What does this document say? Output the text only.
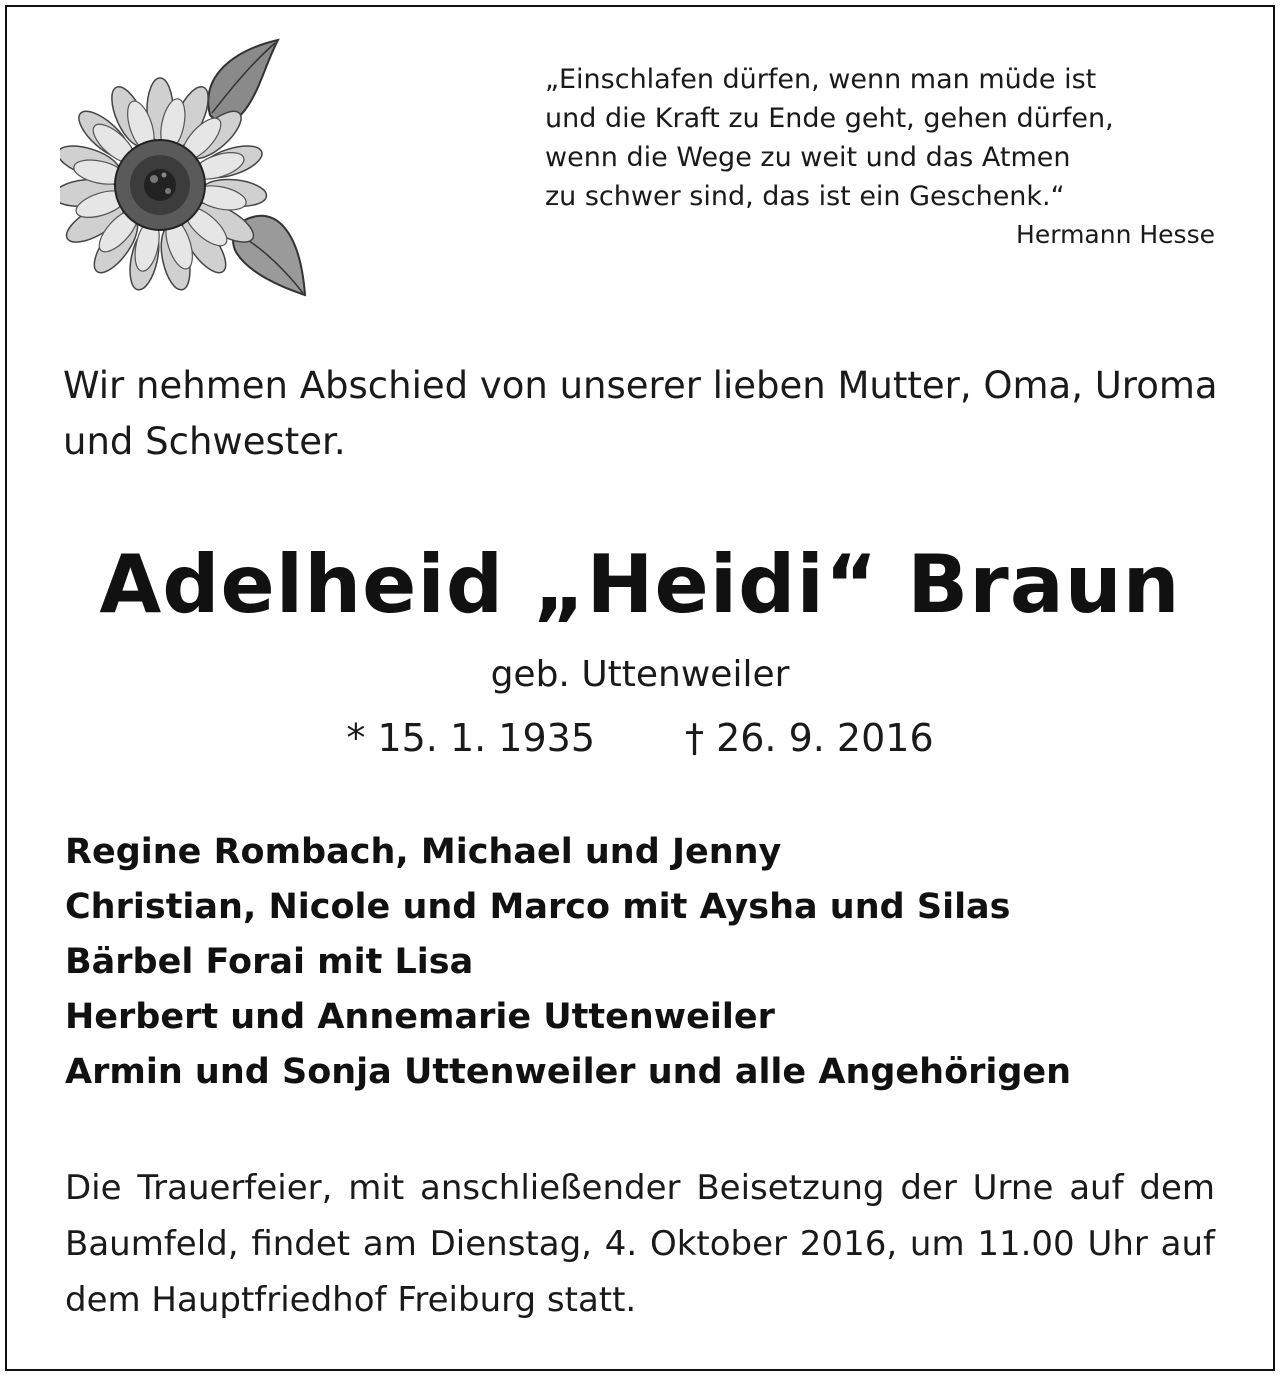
„Einschlafen dürfen, wenn man müde ist
und die Kraft zu Ende geht, gehen dürfen,
wenn die Wege zu weit und das Atmen
zu schwer sind, das ist ein Geschenk.“
Hermann Hesse
Wir nehmen Abschied von unserer lieben Mutter, Oma, Uroma
und Schwester.
Adelheid „Heidi“ Braun
geb. Uttenweiler
* 15. 1. 1935 † 26. 9. 2016
Regine Rombach, Michael und Jenny
Christian, Nicole und Marco mit Aysha und Silas
Bärbel Forai mit Lisa
Herbert und Annemarie Uttenweiler
Armin und Sonja Uttenweiler und alle Angehörigen
Die Trauerfeier, mit anschließender Beisetzung der Urne auf dem
Baumfeld, findet am Dienstag, 4. Oktober 2016, um 11.00 Uhr auf
dem Hauptfriedhof Freiburg statt.
